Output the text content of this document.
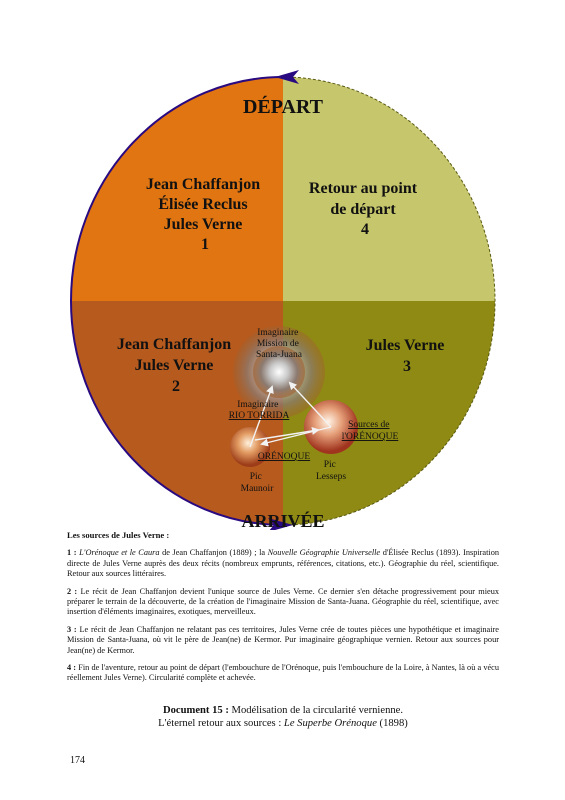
DÉPART
Jean Chaffanjon Élisée Reclus Jules Verne 1
Retour au point de départ 4
Jean Chaffanjon Jules Verne 2
Jules Verne 3
Imaginaire Mission de Santa-Juana
Imaginaire RIO TORRIDA
Sources de l'ORÉNOQUE
ORÉNOQUE
Pic Maunoir
Pic Lesseps
ARRIVÉE

Les sources de Jules Verne :

1 : L'Orénoque et le Caura de Jean Chaffanjon (1889) ; la Nouvelle Géographie Universelle d'Élisée Reclus (1893). Inspiration directe de Jules Verne auprès des deux récits (nombreux emprunts, références, citations, etc.). Géographie du réel, scientifique. Retour aux sources littéraires.

2 : Le récit de Jean Chaffanjon devient l'unique source de Jules Verne. Ce dernier s'en détache progressivement pour mieux préparer le terrain de la découverte, de la création de l'imaginaire Mission de Santa-Juana. Géographie du réel, scientifique, avec insertion d'éléments imaginaires, exotiques, merveilleux.

3 : Le récit de Jean Chaffanjon ne relatant pas ces territoires, Jules Verne crée de toutes pièces une hypothétique et imaginaire Mission de Santa-Juana, où vit le père de Jean(ne) de Kermor. Pur imaginaire géographique vernien. Retour aux sources pour Jean(ne) de Kermor.

4 : Fin de l'aventure, retour au point de départ (l'embouchure de l'Orénoque, puis l'embouchure de la Loire, à Nantes, là où a vécu réellement Jules Verne). Circularité complète et achevée.

Document 15 : Modélisation de la circularité vernienne.
L'éternel retour aux sources : Le Superbe Orénoque (1898)
174
